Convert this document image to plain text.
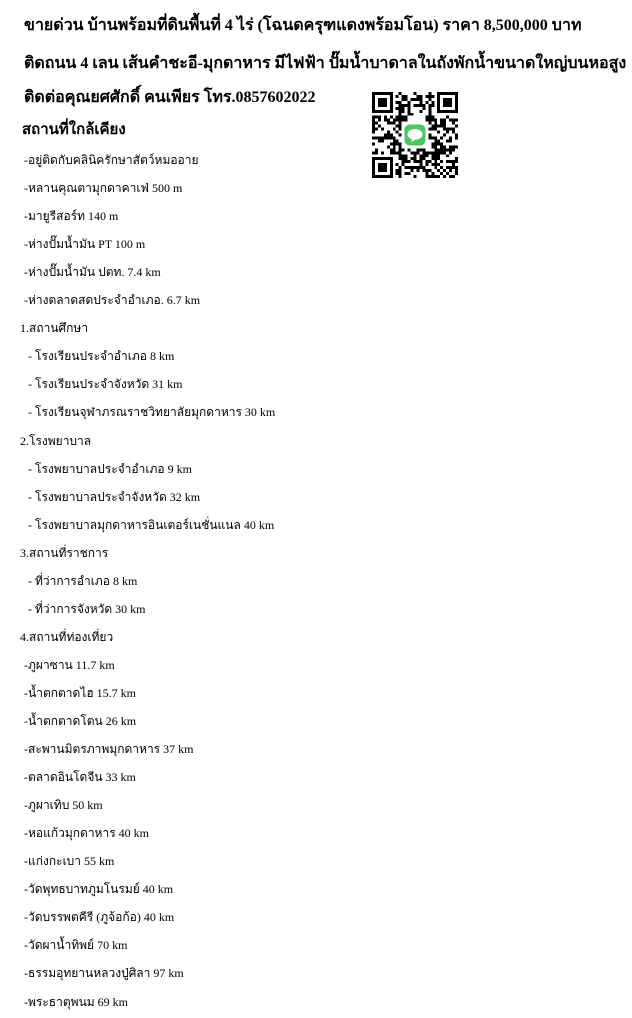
ขายด่วน บ้านพร้อมที่ดินพื้นที่ 4 ไร่ (โฉนดครุฑแดงพร้อมโอน) ราคา 8,500,000 บาท
ติดถนน 4 เลน เส้นคำชะอี-มุกดาหาร มีไฟฟ้า ปั๊มน้ำบาดาลในถังพักน้ำขนาดใหญ่บนหอสูง
ติดต่อคุณยศศักดิ์ คนเพียร โทร.0857602022
สถานที่ใกล้เคียง
-อยู่ติดกับคลินิครักษาสัตว์หมออาย
-หลานคุณตามุกดาคาเฟ่ 500 m
-มายูรีสอร์ท 140 m
-ห่างปั๊มน้ำมัน PT 100 m
-ห่างปั๊มน้ำมัน ปตท. 7.4 km
-ห่างตลาดสดประจำอำเภอ. 6.7 km
1.สถานศึกษา
- โรงเรียนประจำอำเภอ 8 km
- โรงเรียนประจำจังหวัด 31 km
- โรงเรียนจุฬาภรณราชวิทยาลัยมุกดาหาร 30 km
2.โรงพยาบาล
- โรงพยาบาลประจำอำเภอ 9 km
- โรงพยาบาลประจำจังหวัด 32 km
- โรงพยาบาลมุกดาหารอินเตอร์เนชั่นแนล 40 km
3.สถานที่ราชการ
- ที่ว่าการอำเภอ 8 km
- ที่ว่าการจังหวัด 30 km
4.สถานที่ท่องเที่ยว
-ภูผาซาน 11.7 km
-น้ำตกตาดไฮ 15.7 km
-น้ำตกตาดโตน 26 km
-สะพานมิตรภาพมุกดาหาร 37 km
-ตลาดอินโดจีน 33 km
-ภูผาเทิบ 50 km
-หอแก้วมุกดาหาร 40 km
-แก่งกะเบา 55 km
-วัดพุทธบาทภูมโนรมย์ 40 km
-วัดบรรพตคีรี (ภูจ้อก้อ) 40 km
-วัดผาน้ำทิพย์ 70 km
-ธรรมอุทยานหลวงปู่ศิลา 97 km
-พระธาตุพนม 69 km
